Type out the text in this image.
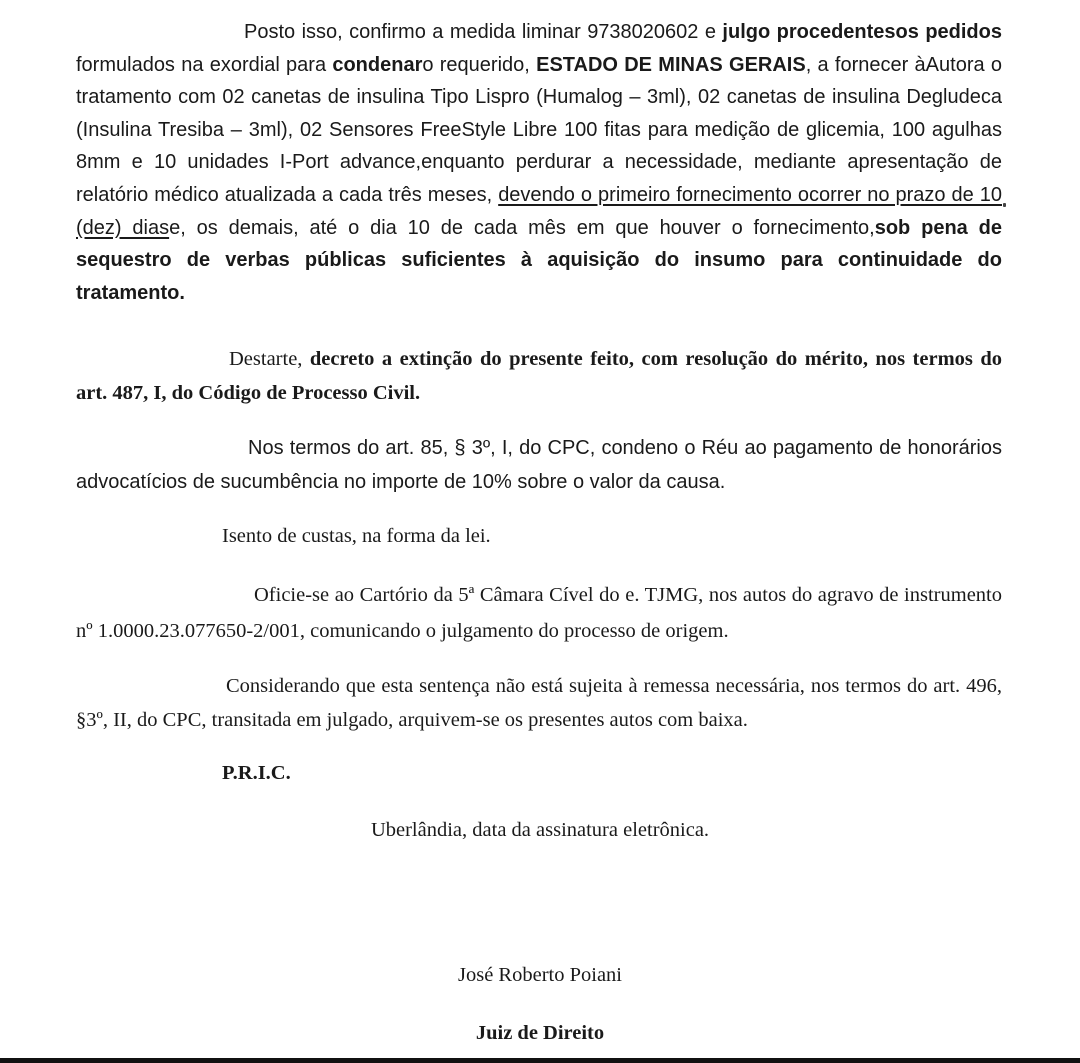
Posto isso, confirmo a medida liminar 9738020602 e julgo procedentesos pedidos formulados na exordial para condenaro requerido, ESTADO DE MINAS GERAIS, a fornecer àAutora o tratamento com 02 canetas de insulina Tipo Lispro (Humalog – 3ml), 02 canetas de insulina Degludeca (Insulina Tresiba – 3ml), 02 Sensores FreeStyle Libre 100 fitas para medição de glicemia, 100 agulhas 8mm e 10 unidades I-Port advance,enquanto perdurar a necessidade, mediante apresentação de relatório médico atualizada a cada três meses, devendo o primeiro fornecimento ocorrer no prazo de 10 (dez) diase, os demais, até o dia 10 de cada mês em que houver o fornecimento,sob pena de sequestro de verbas públicas suficientes à aquisição do insumo para continuidade do tratamento.

Destarte, decreto a extinção do presente feito, com resolução do mérito, nos termos do art. 487, I, do Código de Processo Civil.

Nos termos do art. 85, § 3º, I, do CPC, condeno o Réu ao pagamento de honorários advocatícios de sucumbência no importe de 10% sobre o valor da causa.

Isento de custas, na forma da lei.

Oficie-se ao Cartório da 5ª Câmara Cível do e. TJMG, nos autos do agravo de instrumento nº 1.0000.23.077650-2/001, comunicando o julgamento do processo de origem.

Considerando que esta sentença não está sujeita à remessa necessária, nos termos do art. 496, §3º, II, do CPC, transitada em julgado, arquivem-se os presentes autos com baixa.

P.R.I.C.

Uberlândia, data da assinatura eletrônica.

José Roberto Poiani

Juiz de Direito
